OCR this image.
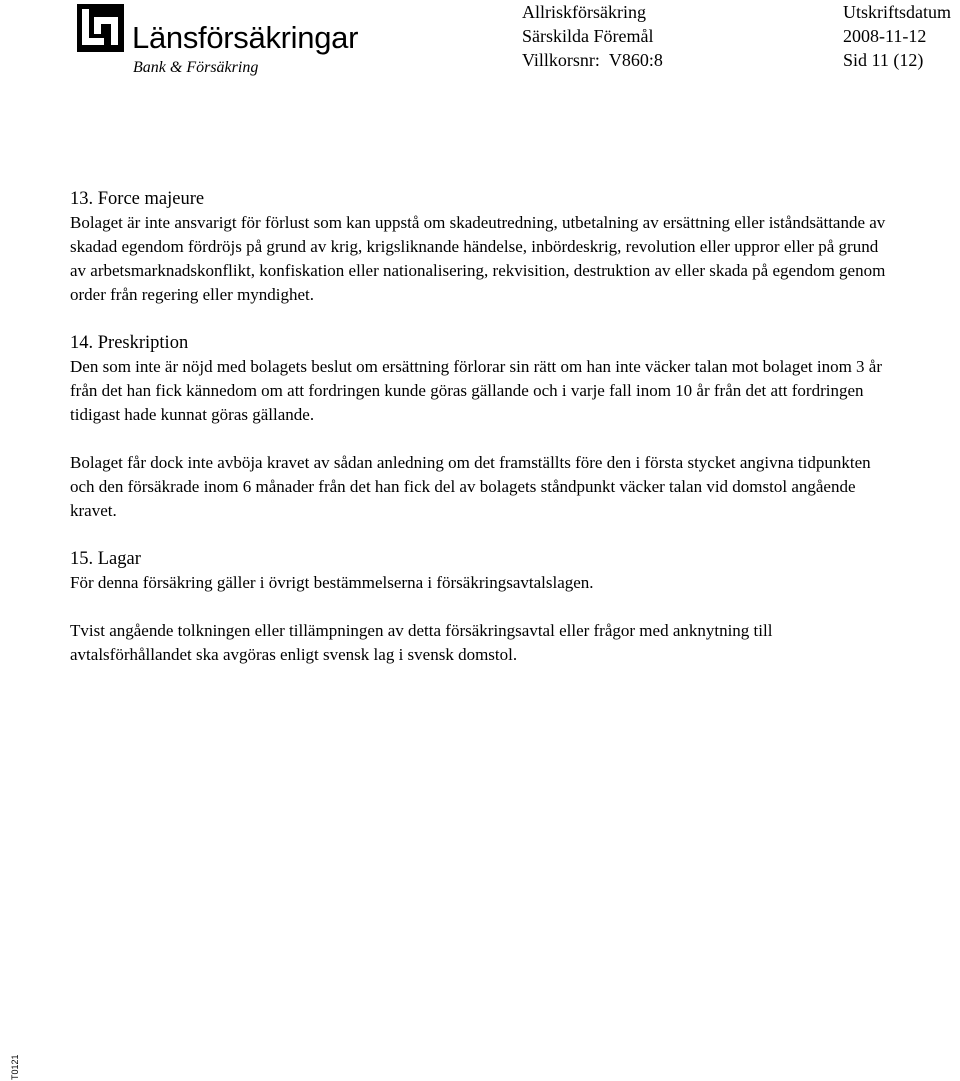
Länsförsäkringar
Bank & Försäkring
Allriskförsäkring
Särskilda Föremål
Villkorsnr: V860:8
Utskriftsdatum
2008-11-12
Sid 11 (12)
13. Force majeure

Bolaget är inte ansvarigt för förlust som kan uppstå om skadeutredning, utbetalning av ersättning eller iståndsättande av skadad egendom fördröjs på grund av krig, krigsliknande händelse, inbördeskrig, revolution eller uppror eller på grund av arbetsmarknadskonflikt, konfiskation eller nationalisering, rekvisition, destruktion av eller skada på egendom genom order från regering eller myndighet.

14. Preskription

Den som inte är nöjd med bolagets beslut om ersättning förlorar sin rätt om han inte väcker talan mot bolaget inom 3 år från det han fick kännedom om att fordringen kunde göras gällande och i varje fall inom 10 år från det att fordringen tidigast hade kunnat göras gällande.

Bolaget får dock inte avböja kravet av sådan anledning om det framställts före den i första stycket angivna tidpunkten och den försäkrade inom 6 månader från det han fick del av bolagets ståndpunkt väcker talan vid domstol angående kravet.

15. Lagar

För denna försäkring gäller i övrigt bestämmelserna i försäkringsavtalslagen.

Tvist angående tolkningen eller tillämpningen av detta försäkringsavtal eller frågor med anknytning till avtalsförhållandet ska avgöras enligt svensk lag i svensk domstol.

T0121
